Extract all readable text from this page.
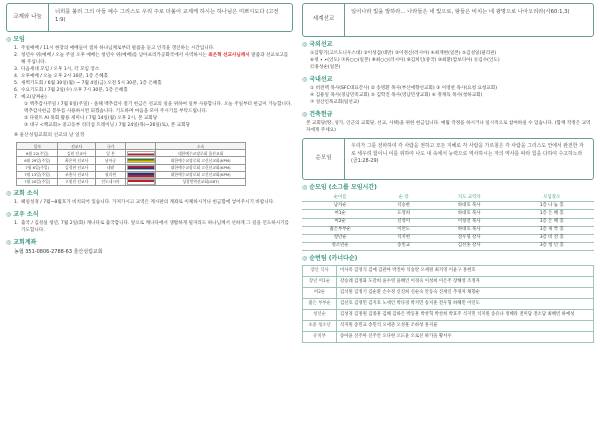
교제와 나눔
너희를 불러 그의 아들 예수 그리스도 우리 주로 더불어 교제케 하시는 하나님은 미쁘시도다 (고전 1:9)
◎ 모임
1. 주일예배 / 11시 현장의 예배들이 점차 하나님께로부터 말씀을 듣고 인격을 갱신하는 시간입니다.
2. 청년수 위(예배 / 오늘 주일 오후 예배는 청년수 위(예배)를 남아프리카공화국에서 사역하시는 최은혁 선교사님께서 말씀과 선교보고를 해 주십니다.
3. 다음세대 모임 / 오후 1시, 각 모임 장소
4. 오후예배 / 오늘 오후 2시 30분, 1층 은혜홀
5. 새벽기도회 / 6월 30일(월) ~ 7월 4일(금) 오전 5시 30분, 1층 은혜홀
6. 수요기도회 / 7월 2일(수) 오후 7시 30분, 1층 은혜홀
7. 예고(날짜순)
① 맥추감사주일 / 7월 6일(주일) - 올해 맥추감사 절기 헌금은 선교의 일을 위하여 일부 사용합니다. 오늘 주일부터 헌금이 가능합니다. 맥추감사헌금 봉투를 사용하시면 되겠습니다. 기도하며 마음을 모아 주시기를 부탁드립니다.
② 다윗트 AI 목회 활용 세미나 / 7월 14일(월) 오후 2시, 본 교회당
③ 대구 <백교회> 중고등부 리더십 트레이닝 / 7월 24일(목)~26일(토), 본 교회당
※ 울산성림교회의 선교의 날 일정
일자	선교사	국가		소속
6월 22(주일)	김원 선교사	일 본		대한예수교장로회 울산교회
6월 29일(주일)	최은혁 선교사	남아공		대한예수교장로회 고신선교회(KPM)
7월 6일(주일)	김경현 선교사	네팔		대한예수교장로회 고신선교회(KPM)
7월 13일(주일)	조흥식 선교사	필리핀		대한예수교장로회 고신선교회(KPM)
7월 20일(주일)	고원진 선교사	인도네시아		성경번역선교회(GBT)
◎ 교회 소식
1. 헤일성경 / 7월~8월호가 비치되어 있습니다. 가져가시고 교역은 계시판의 계좌로 이체하시거나 헌금함에 넣어주시기 바랍니다.
◎ 교우 소식
1. 출국 / 김성실 청년, 7월 2일(화) 캐나다로 출국합니다. 앞으로 캐나다에서 생활하게 될지라도 하나님께서 선하게 그 길을 인도하시기를 기도합니다.
◎ 교회계좌
농협 351-0806-2788-63 울산성림교회
세계선교
일어나라 빛을 발하라... 나라들은 네 빛으로, 왕들은 비치는 네 광명으로 나아오리라(사60:1,3)
◎ 국외선교
①김형기(고르도니우스대) ②이성검(대만) ③이정신(러시아) ④최재현(일본) ⑤김성일(필리핀)
⑥정 ∙ ∙(인도) ⑦류○○(일본) ⑧최○○(러시아) ⑨김희인(중국) ⑩최환(캄보디아) ⑪김수(인도)
⑫홍성순(일본)
◎ 국내선교
① 비전맥 목사(SFC대표간사) ② 송명환 목사(부산애향선교회) ③ 이영찬 목사(요청 요청교회)
④ 김용일 목사(경남민족교회) ⑤ 김학진 목사(영남민생교회) ⑥ 정재득 목사(청하교회)
⑦ 성산인목교회(팀선교)
◎ 건축헌금
본 교회당(땅, 성가, 인근의 교회당, 선교, 사택)을 위한 헌금입니다. 매월 작정을 하시거나 일시적으로 참여하실 수 있습니다. (함께 작정은 교역자에게 주세요)
순모임
우리가 그를 전파하여 각 사람을 권하고 모든 지혜로 각 사람을 가르침은 각 사람을 그리스도 안에서 완전한 자로 세우려 함이니 이를 위하여 나도 내 속에서 능력으로 역사하시는 자의 역사를 따라 힘을 다하여 수고하노라 (골1:28-29)
◎ 순모임 (소그룹 모임시간)
순이름	순 장	지도 교역자	모임장소
남자순	석승한	하대호 목사	1층 나 눔 홀
여1순	도영희	하대호 목사	1층 은 혜 홀
여2순	신영미	이창진 목사	1층 은 혜 홀
젊은부부순	이만도	하대호 목사	1층 새 싹 홀
청년순	석지현	전우형 강사	3층 비 전 홀
청소년순	송민교	김선홍 강사	3층 청 년 홀
◎ 순번팀 (카너다순)
장년 식사	이사옥 김영식 김예 김관아 박진아 석승란 오세원 최지영 이윤구 홍현호
장년 여1순	강승례 김정화 도갈희 윤수영 윤혜인 이경숙 이성희 이은주 장해영 조정자
여2순	김석원 김정기 김순환 손수정 신진희 신순숙 안동숙 진세인 추정자 채향순
젊은 부부순	김선호 김영민 김지호 노세인 박다경 박지민 송지훈 전우형 하해민 이인도
청년순	김성경 김정원 김종훈 김해 김하은 박동훈 박찬혁 박찬희 박효주 석지민 석지원 송유나 정혜라 전미담 전소담 최혜빈 하예성
초중 청소년	석지원 송민교 송민석 오세준 오성훈 조하성 홍지율
유치부	송아윤 신주아 신주안 오다현 오도윤 오로선 하가을 황서우
